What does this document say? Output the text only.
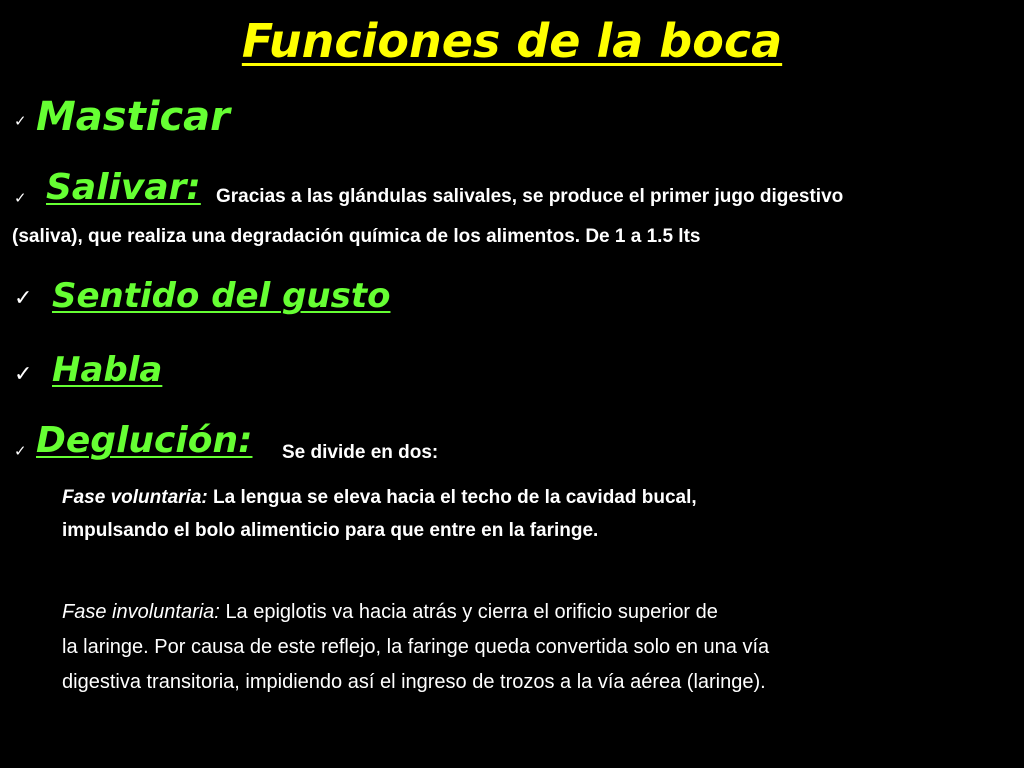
Funciones de la boca
✓ Masticar
✓ Salivar: Gracias a las glándulas salivales, se produce el primer jugo digestivo
(saliva), que realiza una degradación química de los alimentos. De 1 a 1.5 lts
✓ Sentido del gusto
✓ Habla
✓ Deglución: Se divide en dos:
Fase voluntaria: La lengua se eleva hacia el techo de la cavidad bucal,
impulsando el bolo alimenticio para que entre en la faringe.
Fase involuntaria: La epiglotis va hacia atrás y cierra el orificio superior de
la laringe. Por causa de este reflejo, la faringe queda convertida solo en una vía
digestiva transitoria, impidiendo así el ingreso de trozos a la vía aérea (laringe).
